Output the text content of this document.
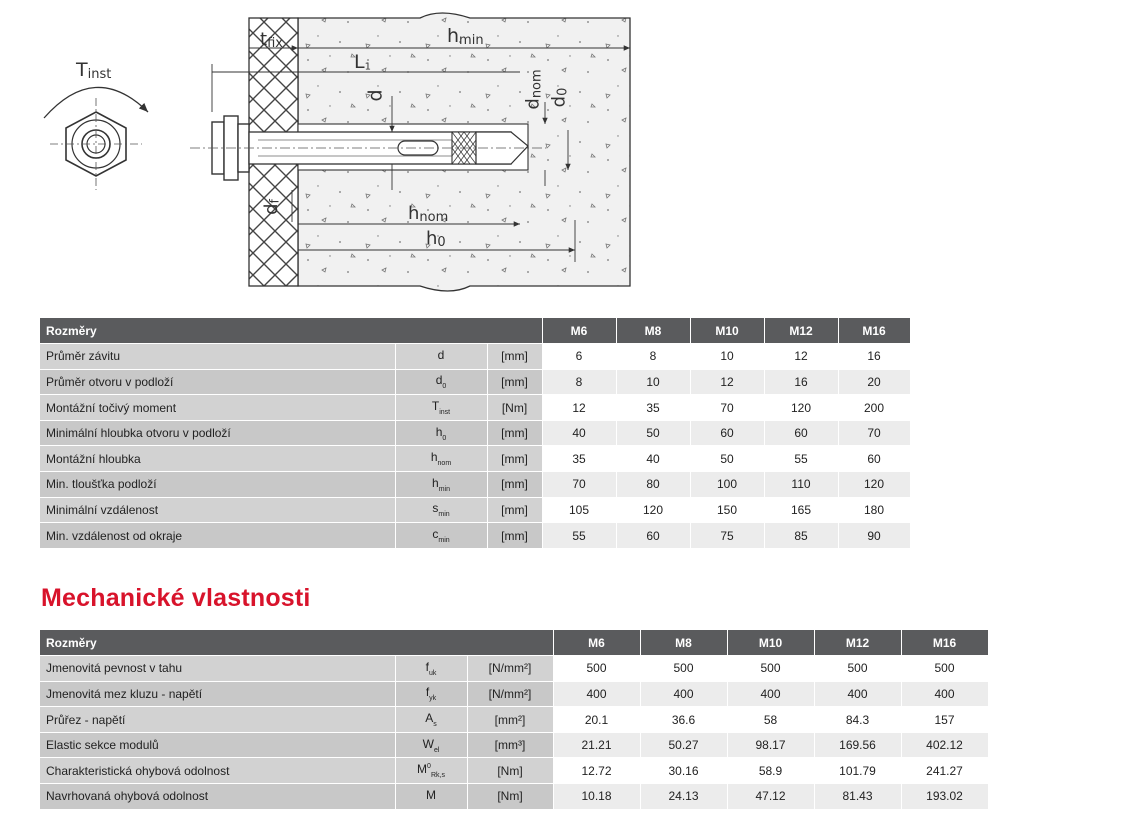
$T_{inst}$
$t_{fix}$	$h_{min}$
$L_1$
d
$d_{nom}$
$d_0$
$d_f$
$h_{nom}$
$h_0$
Rozměry			M6	M8	M10	M12	M16
Průměr závitu	d	[mm]	6	8	10	12	16
Průměr otvoru v podloží	$d_0$	[mm]	8	10	12	16	20
Montážní točivý moment	$T_{inst}$	[Nm]	12	35	70	120	200
Minimální hloubka otvoru v podloží	$h_0$	[mm]	40	50	60	60	70
Montážní hloubka	$h_{nom}$	[mm]	35	40	50	55	60
Min. tloušťka podloží	$h_{min}$	[mm]	70	80	100	110	120
Minimální vzdálenost	$s_{min}$	[mm]	105	120	150	165	180
Min. vzdálenost od okraje	$c_{min}$	[mm]	55	60	75	85	90
Mechanické vlastnosti
Rozměry			M6	M8	M10	M12	M16
Jmenovitá pevnost v tahu	$f_{uk}$	[N/mm²]	500	500	500	500	500
Jmenovitá mez kluzu - napětí	$f_{yk}$	[N/mm²]	400	400	400	400	400
Průřez - napětí	$A_s$	[mm²]	20.1	36.6	58	84.3	157
Elastic sekce modulů	$W_{el}$	[mm³]	21.21	50.27	98.17	169.56	402.12
Charakteristická ohybová odolnost	$M^0_{Rk,s}$	[Nm]	12.72	30.16	58.9	101.79	241.27
Navrhovaná ohybová odolnost	M	[Nm]	10.18	24.13	47.12	81.43	193.02
